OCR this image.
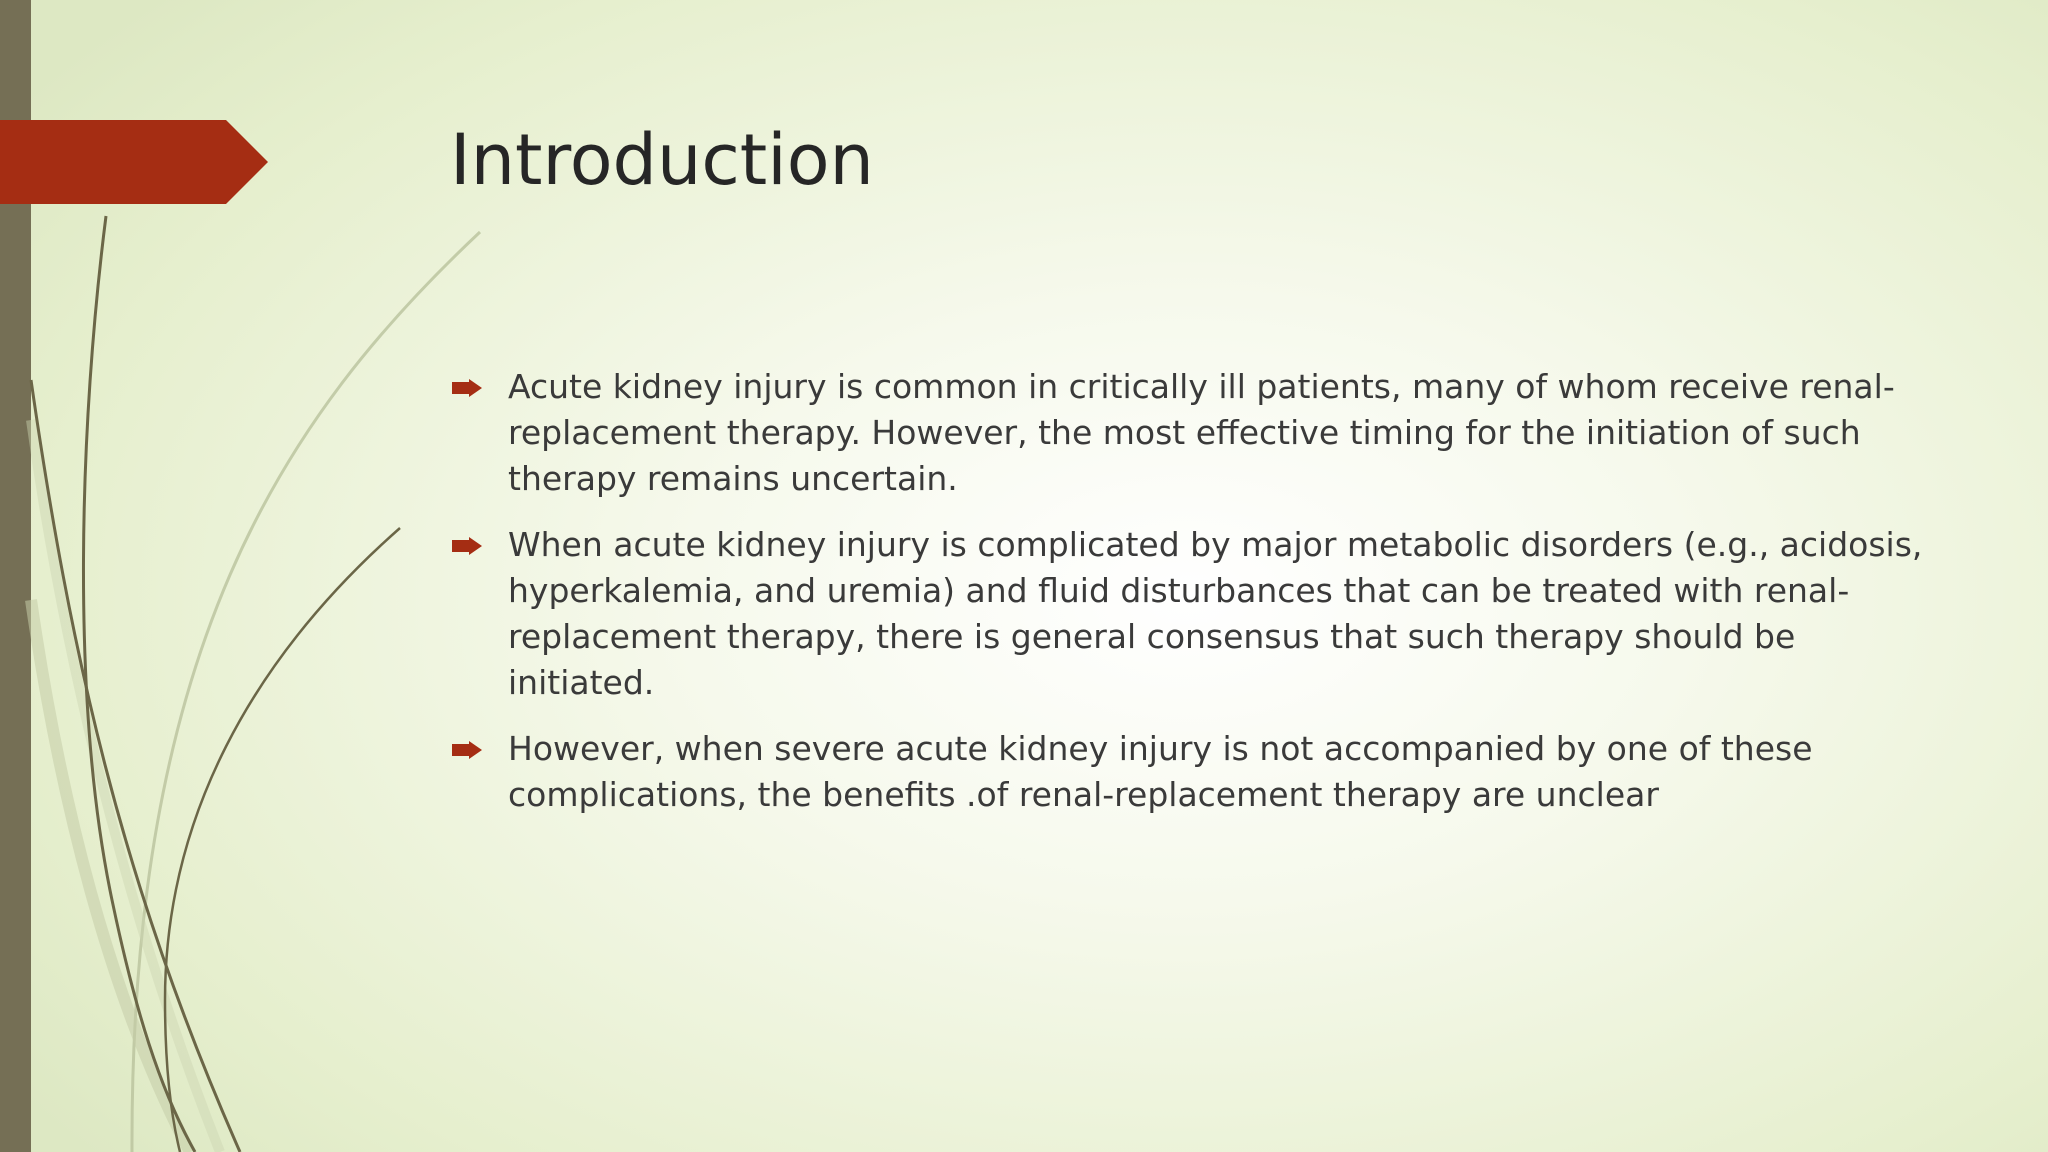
Introduction
Acute kidney injury is common in critically ill patients, many of whom receive renal-replacement therapy. However, the most effective timing for the initiation of such therapy remains uncertain.
When acute kidney injury is complicated by major metabolic disorders (e.g., acidosis, hyperkalemia, and uremia) and fluid disturbances that can be treated with renal-replacement therapy, there is general consensus that such therapy should be initiated.
However, when severe acute kidney injury is not accompanied by one of these complications, the benefits .of renal-replacement therapy are unclear
